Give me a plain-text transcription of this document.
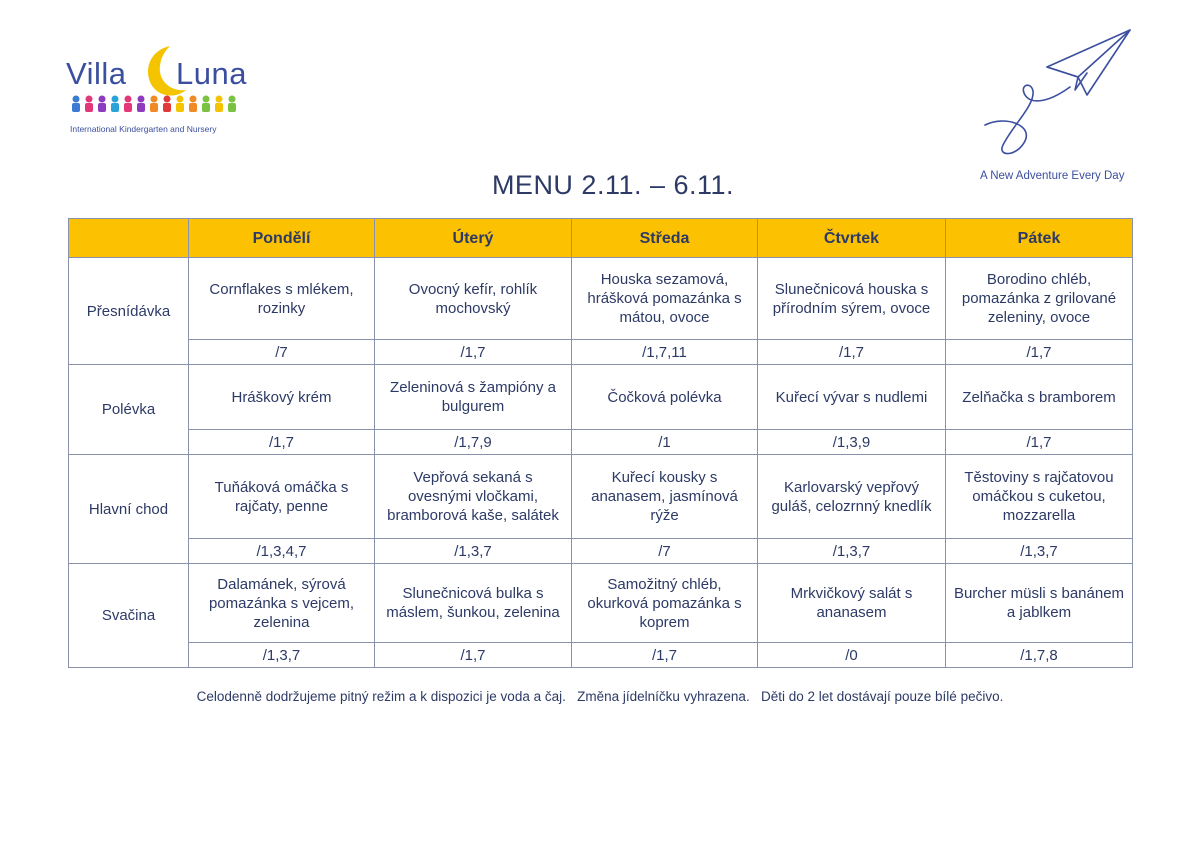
Villa Luna
International Kindergarten and Nursery
A New Adventure Every Day
MENU 2.11. – 6.11.
	Pondělí	Úterý	Středa	Čtvrtek	Pátek
Přesnídávka	Cornflakes s mlékem, rozinky	Ovocný kefír, rohlík mochovský	Houska sezamová, hrášková pomazánka s mátou, ovoce	Slunečnicová houska s přírodním sýrem, ovoce	Borodino chléb, pomazánka z grilované zeleniny, ovoce
	/7	/1,7	/1,7,11	/1,7	/1,7
Polévka	Hráškový krém	Zeleninová s žampióny a bulgurem	Čočková polévka	Kuřecí vývar s nudlemi	Zelňačka s bramborem
	/1,7	/1,7,9	/1	/1,3,9	/1,7
Hlavní chod	Tuňáková omáčka s rajčaty, penne	Vepřová sekaná s ovesnými vločkami, bramborová kaše, salátek	Kuřecí kousky s ananasem, jasmínová rýže	Karlovarský vepřový guláš, celozrnný knedlík	Těstoviny s rajčatovou omáčkou s cuketou, mozzarella
	/1,3,4,7	/1,3,7	/7	/1,3,7	/1,3,7
Svačina	Dalamánek, sýrová pomazánka s vejcem, zelenina	Slunečnicová bulka s máslem, šunkou, zelenina	Samožitný chléb, okurková pomazánka s koprem	Mrkvičkový salát s ananasem	Burcher müsli s banánem a jablkem
	/1,3,7	/1,7	/1,7	/0	/1,7,8
Celodenně dodržujeme pitný režim a k dispozici je voda a čaj.   Změna jídelníčku vyhrazena.   Děti do 2 let dostávají pouze bílé pečivo.
